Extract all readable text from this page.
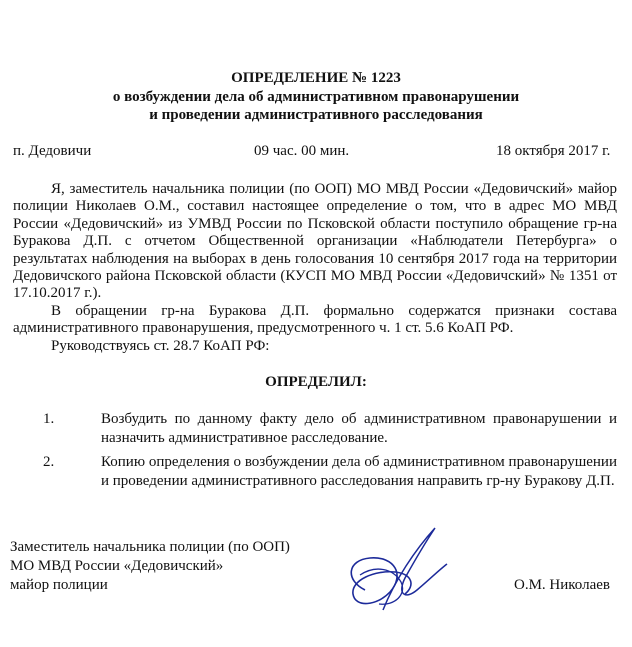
ОПРЕДЕЛЕНИЕ № 1223

о возбуждении дела об административном правонарушении

и проведении административного расследования

п. Дедовичи	09 час. 00 мин.	18 октября 2017 г.

Я, заместитель начальника полиции (по ООП) МО МВД России «Дедовичский» майор полиции Николаев О.М., составил настоящее определение о том, что в адрес МО МВД России «Дедовичский» из УМВД России по Псковской области поступило обращение гр-на Буракова Д.П. с отчетом Общественной организации «Наблюдатели Петербурга» о результатах наблюдения на выборах в день голосования 10 сентября 2017 года на территории Дедовичского района Псковской области (КУСП МО МВД России «Дедовичский» № 1351 от 17.10.2017 г.).

В обращении гр-на Буракова Д.П. формально содержатся признаки состава административного правонарушения, предусмотренного ч. 1 ст. 5.6 КоАП РФ.

Руководствуясь ст. 28.7 КоАП РФ:

ОПРЕДЕЛИЛ:

1.	Возбудить по данному факту дело об административном правонарушении и назначить административное расследование.
2.	Копию определения о возбуждении дела об административном правонарушении и проведении административного расследования направить гр-ну Буракову Д.П.
Заместитель начальника полиции (по ООП)
МО МВД России «Дедовичский»
майор полиции	О.М. Николаев
